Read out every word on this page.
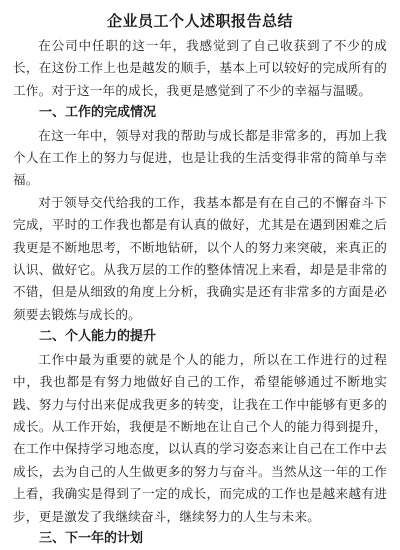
企业员工个人述职报告总结

在公司中任职的这一年，我感觉到了自己收获到了不少的成长，在这份工作上也是越发的顺手，基本上可以较好的完成所有的工作。对于这一年的成长，我更是感觉到了不少的幸福与温暖。

一、工作的完成情况

在这一年中，领导对我的帮助与成长都是非常多的，再加上我个人在工作上的努力与促进，也是让我的生活变得非常的简单与幸福。

对于领导交代给我的工作，我基本都是有在自己的不懈奋斗下完成，平时的工作我也都是有认真的做好，尤其是在遇到困难之后我更是不断地思考，不断地钻研，以个人的努力来突破，来真正的认识、做好它。从我万层的工作的整体情况上来看，却是是非常的不错，但是从细致的角度上分析，我确实是还有非常多的方面是必须要去锻炼与成长的。

二、个人能力的提升

工作中最为重要的就是个人的能力，所以在工作进行的过程中，我也都是有努力地做好自己的工作，希望能够通过不断地实践、努力与付出来促成我更多的转变，让我在工作中能够有更多的成长。从工作开始，我便是不断地在让自己个人的能力得到提升，在工作中保持学习地态度，以认真的学习姿态来让自己在工作中去成长，去为自己的人生做更多的努力与奋斗。当然从这一年的工作上看，我确实是得到了一定的成长，而完成的工作也是越来越有进步，更是激发了我继续奋斗，继续努力的人生与未来。

三、下一年的计划
